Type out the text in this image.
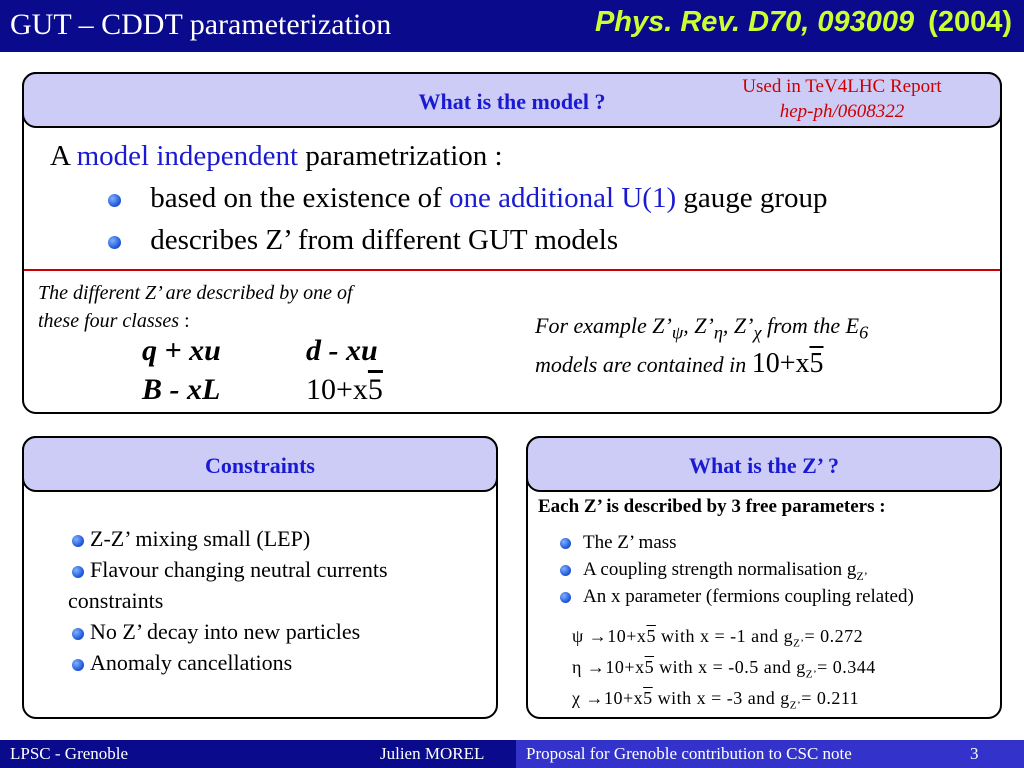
GUT – CDDT parameterization	Phys. Rev. D70, 093009 (2004)
What is the model ?
Used in TeV4LHC Report
hep-ph/0608322
A model independent parametrization :
based on the existence of one additional U(1) gauge group
describes Z’ from different GUT models
The different Z’ are described by one of
these four classes :
q + xu	d - xu
B - xL	10+x5
For example $Z’_\psi$, $Z’_\eta$, $Z’_\chi$ from the $E_6$
models are contained in 10+x5
Constraints
Z-Z’ mixing small (LEP)
Flavour changing neutral currents
constraints
No Z’ decay into new particles
Anomaly cancellations
What is the Z’ ?
Each Z’ is described by 3 free parameters :
The Z’ mass
A coupling strength normalisation $g_{Z’}$
An x parameter (fermions coupling related)
ψ →10+x5 with x = -1 and $g_{Z’}= 0.272$
η →10+x5 with x = -0.5 and $g_{Z’}= 0.344$
χ →10+x5 with x = -3 and $g_{Z’}= 0.211$
LPSC - Grenoble	Julien MOREL Proposal for Grenoble contribution to CSC note	3
